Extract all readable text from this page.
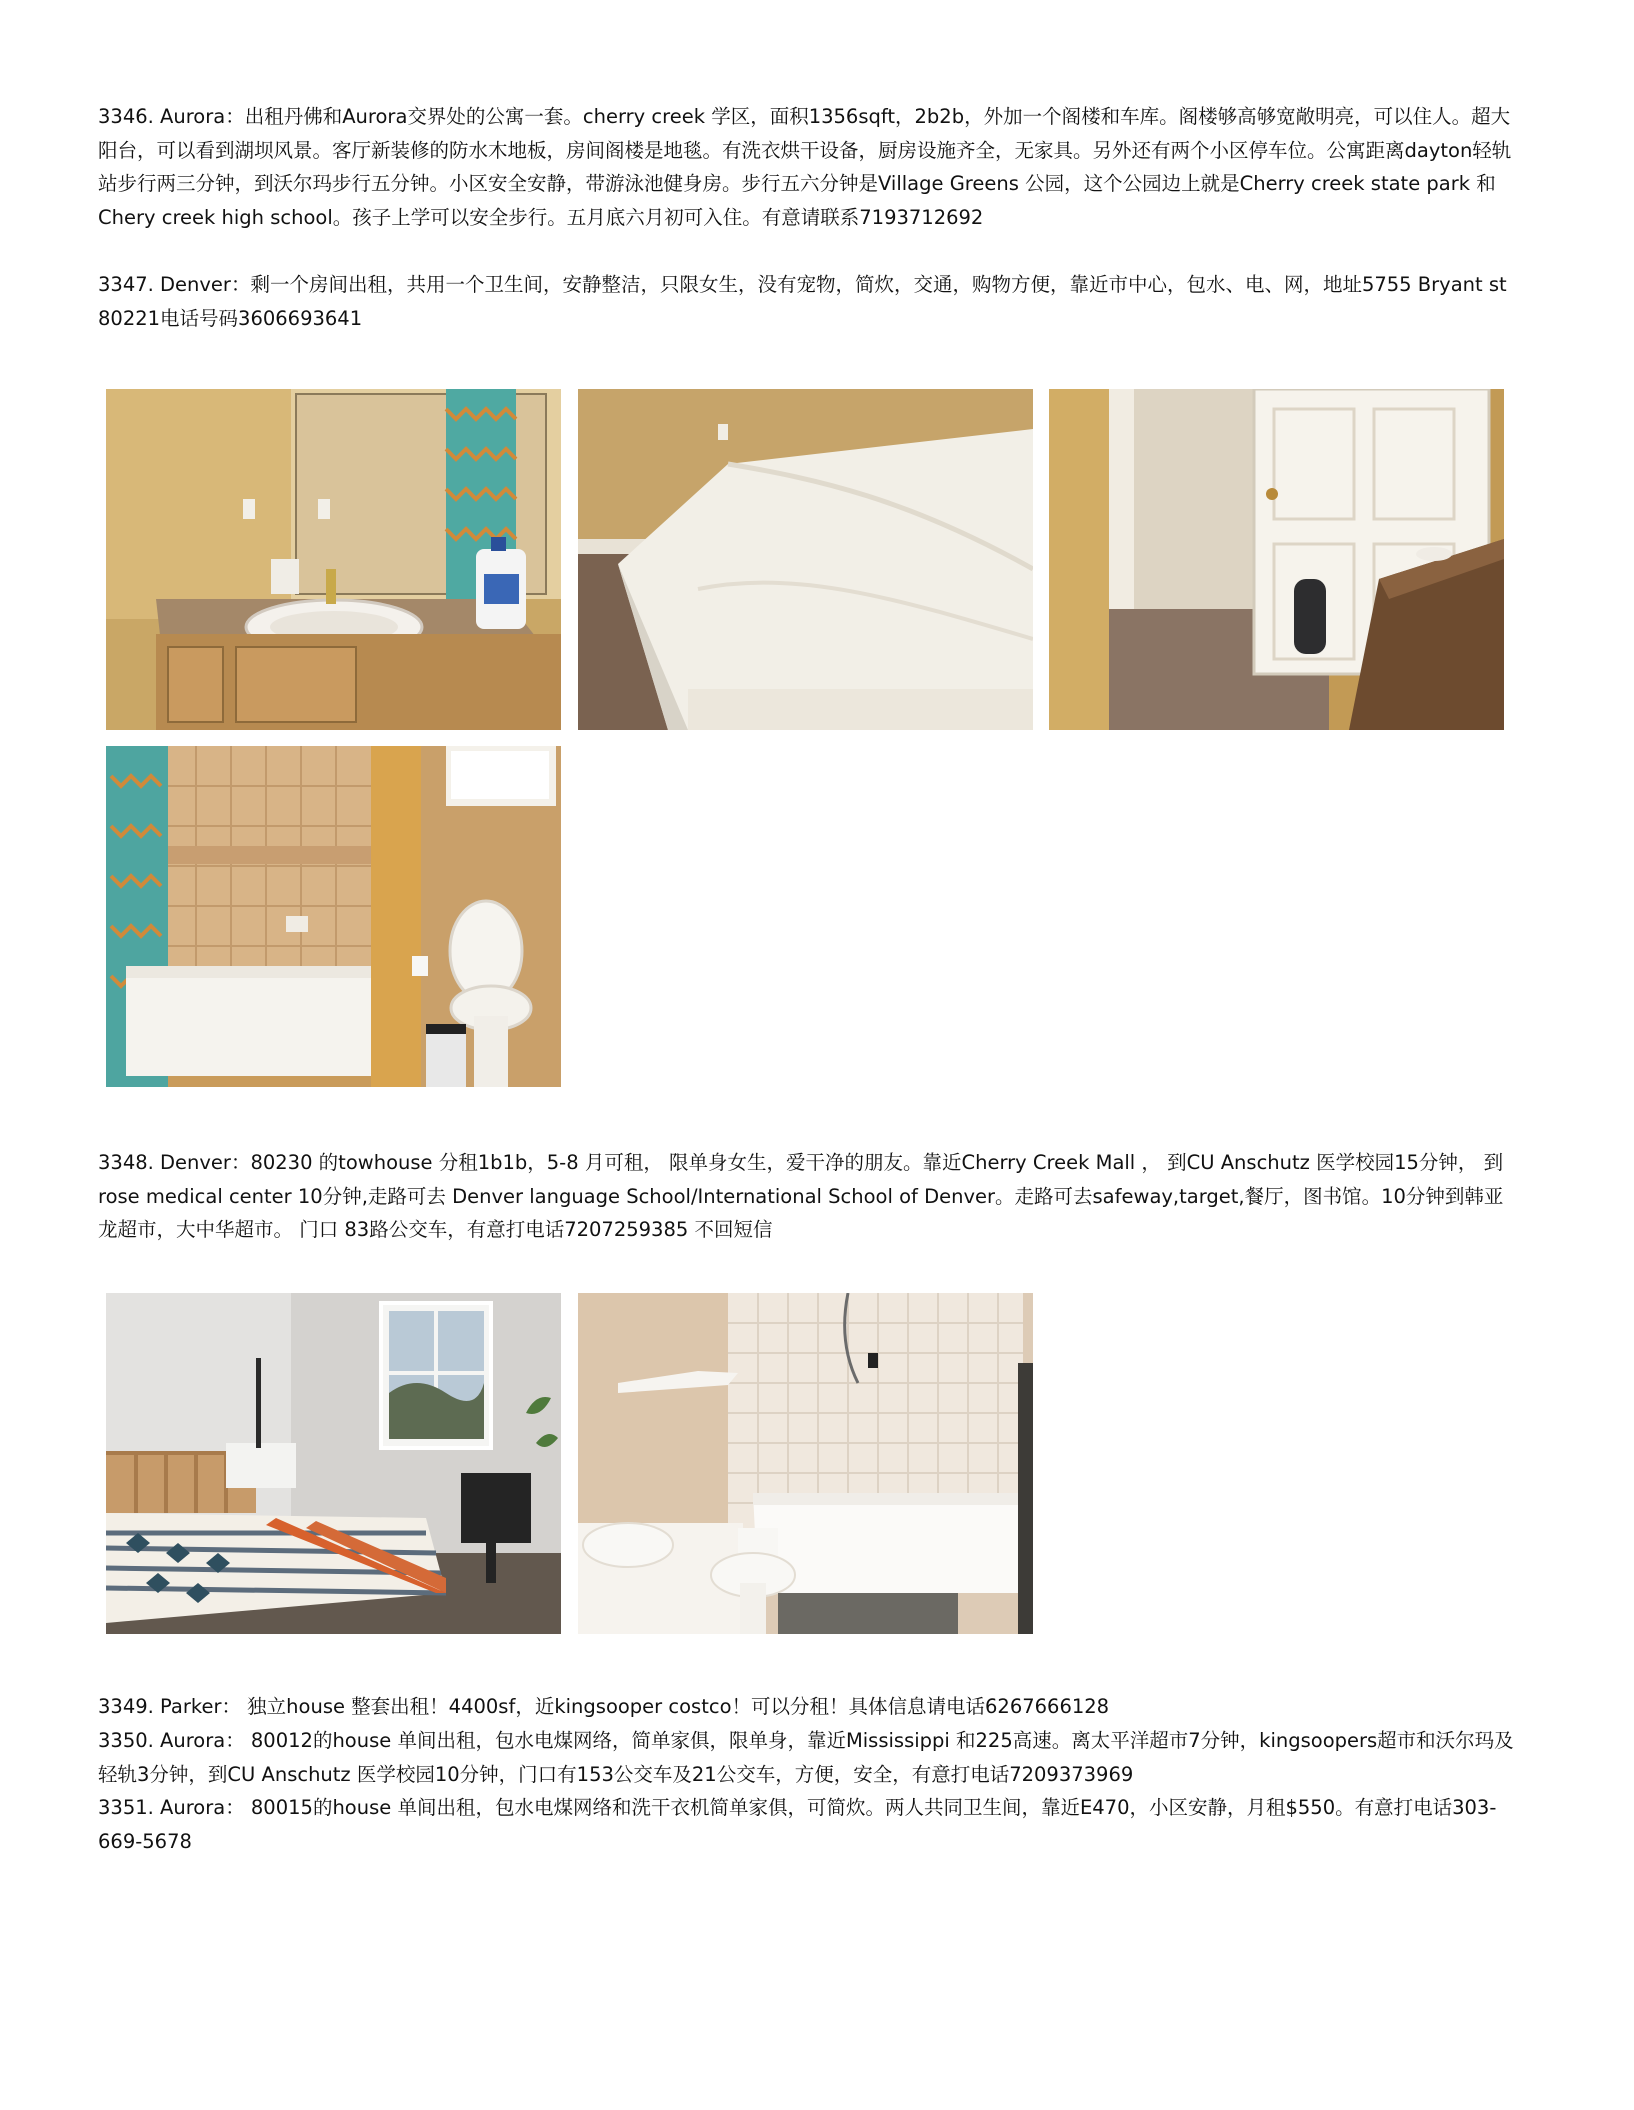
3346. Aurora：出租丹佛和Aurora交界处的公寓一套。cherry creek 学区，面积1356sqft，2b2b，外加一个阁楼和车库。阁楼够高够宽敞明亮，可以住人。超大阳台，可以看到湖坝风景。客厅新装修的防水木地板，房间阁楼是地毯。有洗衣烘干设备，厨房设施齐全，无家具。另外还有两个小区停车位。公寓距离dayton轻轨站步行两三分钟，到沃尔玛步行五分钟。小区安全安静，带游泳池健身房。步行五六分钟是Village Greens 公园，这个公园边上就是Cherry creek state park 和Chery creek high school。孩子上学可以安全步行。五月底六月初可入住。有意请联系7193712692

3347. Denver：剩一个房间出租，共用一个卫生间，安静整洁，只限女生，没有宠物，简炊，交通，购物方便，靠近市中心，包水、电、网，地址5755 Bryant st 80221电话号码3606693641

3348. Denver：80230 的towhouse 分租1b1b，5-8 月可租， 限单身女生，爱干净的朋友。靠近Cherry Creek Mall ， 到CU Anschutz 医学校园15分钟， 到rose medical center 10分钟,走路可去 Denver language School/International School of Denver。走路可去safeway,target,餐厅，图书馆。10分钟到韩亚龙超市，大中华超市。 门口 83路公交车，有意打电话7207259385 不回短信

3349. Parker： 独立house 整套出租！4400sf，近kingsooper costco！可以分租！具体信息请电话6267666128

3350. Aurora： 80012的house 单间出租，包水电煤网络，简单家俱，限单身，靠近Mississippi 和225高速。离太平洋超市7分钟，kingsoopers超市和沃尔玛及轻轨3分钟，到CU Anschutz 医学校园10分钟，门口有153公交车及21公交车，方便，安全，有意打电话7209373969

3351. Aurora： 80015的house 单间出租，包水电煤网络和洗干衣机简单家俱，可简炊。两人共同卫生间，靠近E470，小区安静，月租$550。有意打电话303-669-5678
